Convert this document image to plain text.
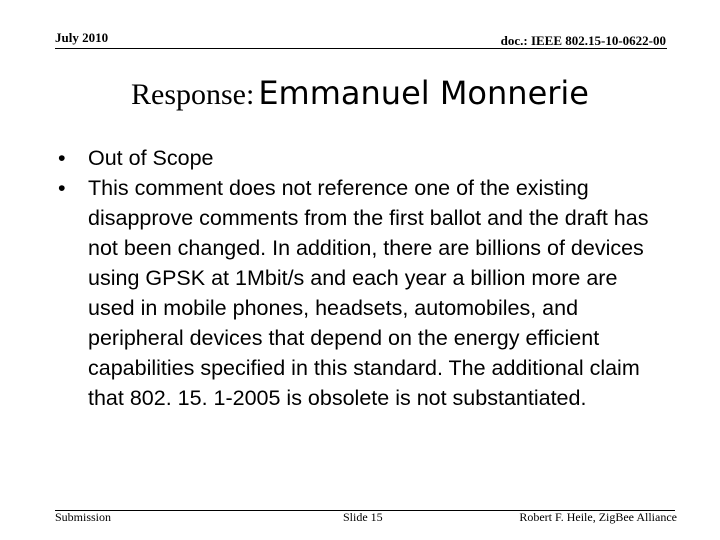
July 2010	doc.: IEEE 802.15-10-0622-00
Response: Emmanuel Monnerie
• Out of Scope
• This comment does not reference one of the existing disapprove comments from the first ballot and the draft has not been changed. In addition, there are billions of devices using GPSK at 1Mbit/s and each year a billion more are used in mobile phones, headsets, automobiles, and peripheral devices that depend on the energy efficient capabilities specified in this standard. The additional claim that 802. 15. 1-2005 is obsolete is not substantiated.
Submission	Slide 15	Robert F. Heile, ZigBee Alliance
